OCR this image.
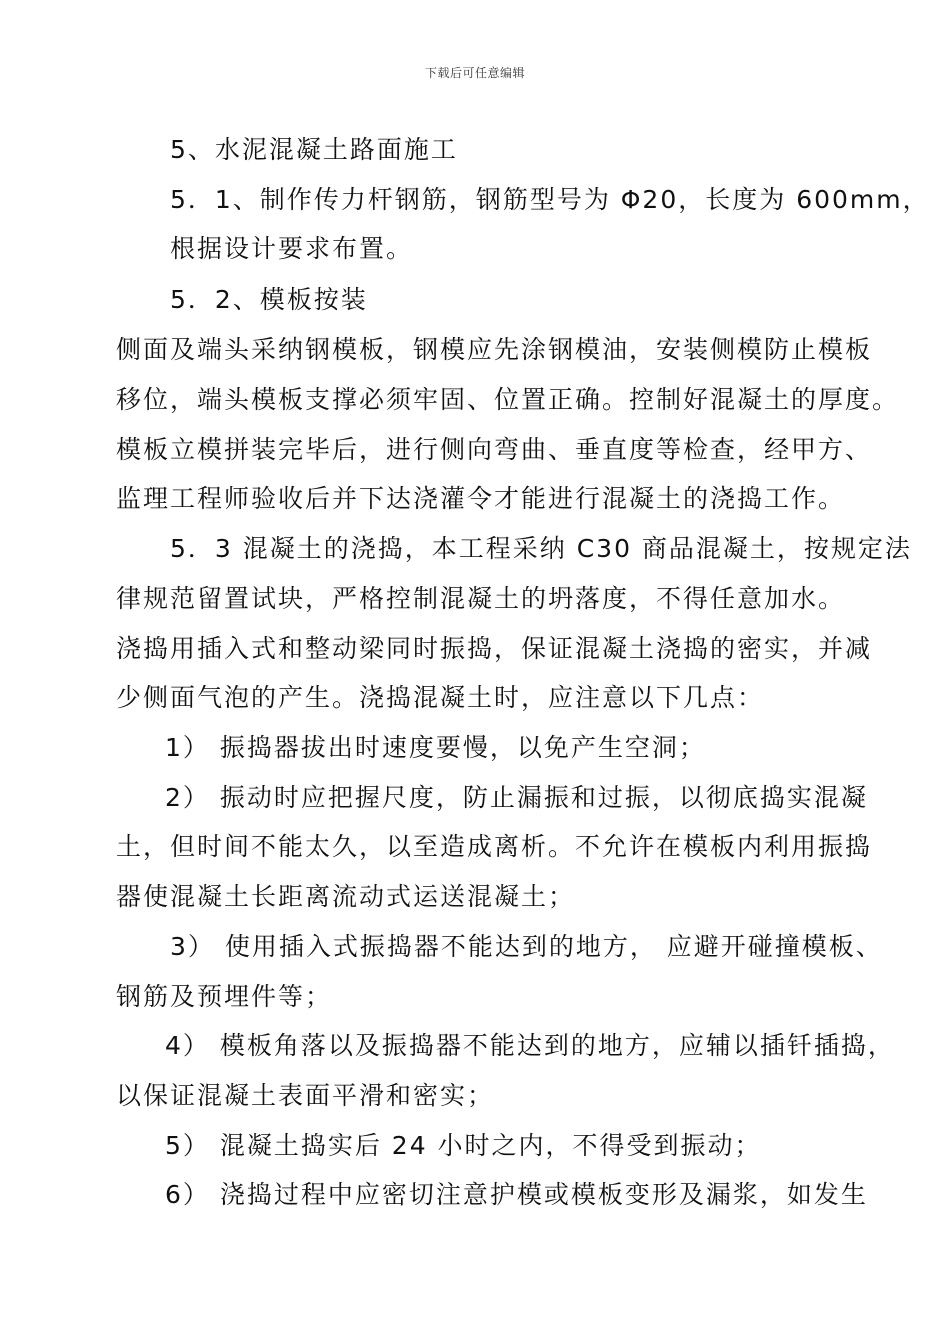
下载后可任意编辑
5、水泥混凝土路面施工
5．1、制作传力杆钢筋，钢筋型号为 Φ20，长度为 600mm，
根据设计要求布置。
5．2、模板按装
侧面及端头采纳钢模板，钢模应先涂钢模油，安装侧模防止模板
移位，端头模板支撑必须牢固、位置正确。控制好混凝土的厚度。
模板立模拼装完毕后，进行侧向弯曲、垂直度等检查，经甲方、
监理工程师验收后并下达浇灌令才能进行混凝土的浇捣工作。
5．3 混凝土的浇捣，本工程采纳 C30 商品混凝土，按规定法
律规范留置试块，严格控制混凝土的坍落度，不得任意加水。
浇捣用插入式和整动梁同时振捣，保证混凝土浇捣的密实，并减
少侧面气泡的产生。浇捣混凝土时，应注意以下几点：
1） 振捣器拔出时速度要慢，以免产生空洞；
2） 振动时应把握尺度，防止漏振和过振，以彻底捣实混凝
土，但时间不能太久，以至造成离析。不允许在模板内利用振捣
器使混凝土长距离流动式运送混凝土；
3） 使用插入式振捣器不能达到的地方， 应避开碰撞模板、
钢筋及预埋件等；
4） 模板角落以及振捣器不能达到的地方，应辅以插钎插捣，
以保证混凝土表面平滑和密实；
5） 混凝土捣实后 24 小时之内，不得受到振动；
6） 浇捣过程中应密切注意护模或模板变形及漏浆，如发生
